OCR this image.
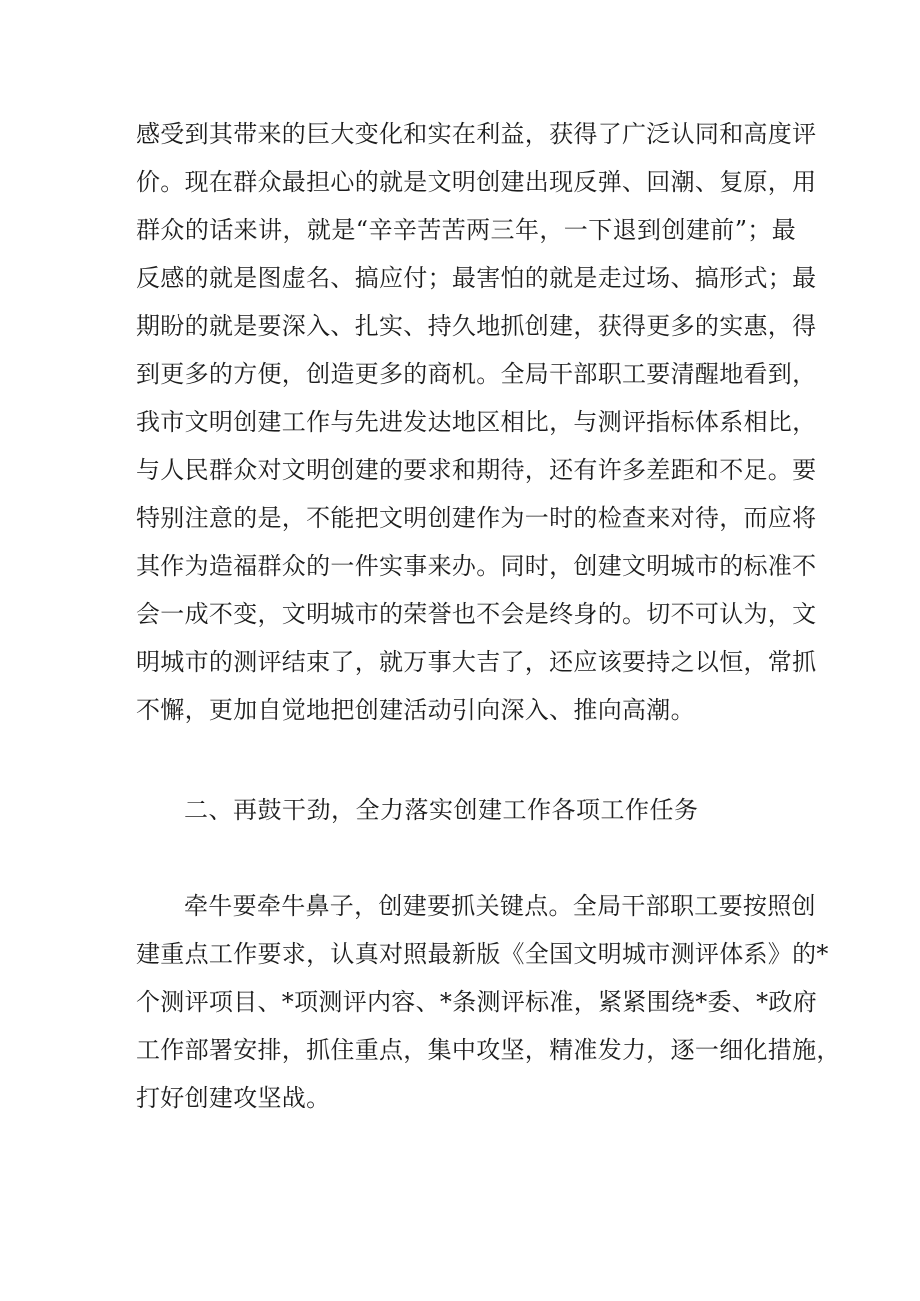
感受到其带来的巨大变化和实在利益，获得了广泛认同和高度评

价。现在群众最担心的就是文明创建出现反弹、回潮、复原，用

群众的话来讲，就是“辛辛苦苦两三年，一下退到创建前”；最

反感的就是图虚名、搞应付；最害怕的就是走过场、搞形式；最

期盼的就是要深入、扎实、持久地抓创建，获得更多的实惠，得

到更多的方便，创造更多的商机。全局干部职工要清醒地看到，

我市文明创建工作与先进发达地区相比，与测评指标体系相比，

与人民群众对文明创建的要求和期待，还有许多差距和不足。要

特别注意的是，不能把文明创建作为一时的检查来对待，而应将

其作为造福群众的一件实事来办。同时，创建文明城市的标准不

会一成不变，文明城市的荣誉也不会是终身的。切不可认为，文

明城市的测评结束了，就万事大吉了，还应该要持之以恒，常抓

不懈，更加自觉地把创建活动引向深入、推向高潮。

二、再鼓干劲，全力落实创建工作各项工作任务

牵牛要牵牛鼻子，创建要抓关键点。全局干部职工要按照创

建重点工作要求，认真对照最新版《全国文明城市测评体系》的*

个测评项目、*项测评内容、*条测评标准，紧紧围绕*委、*政府

工作部署安排，抓住重点，集中攻坚，精准发力，逐一细化措施，

打好创建攻坚战。
